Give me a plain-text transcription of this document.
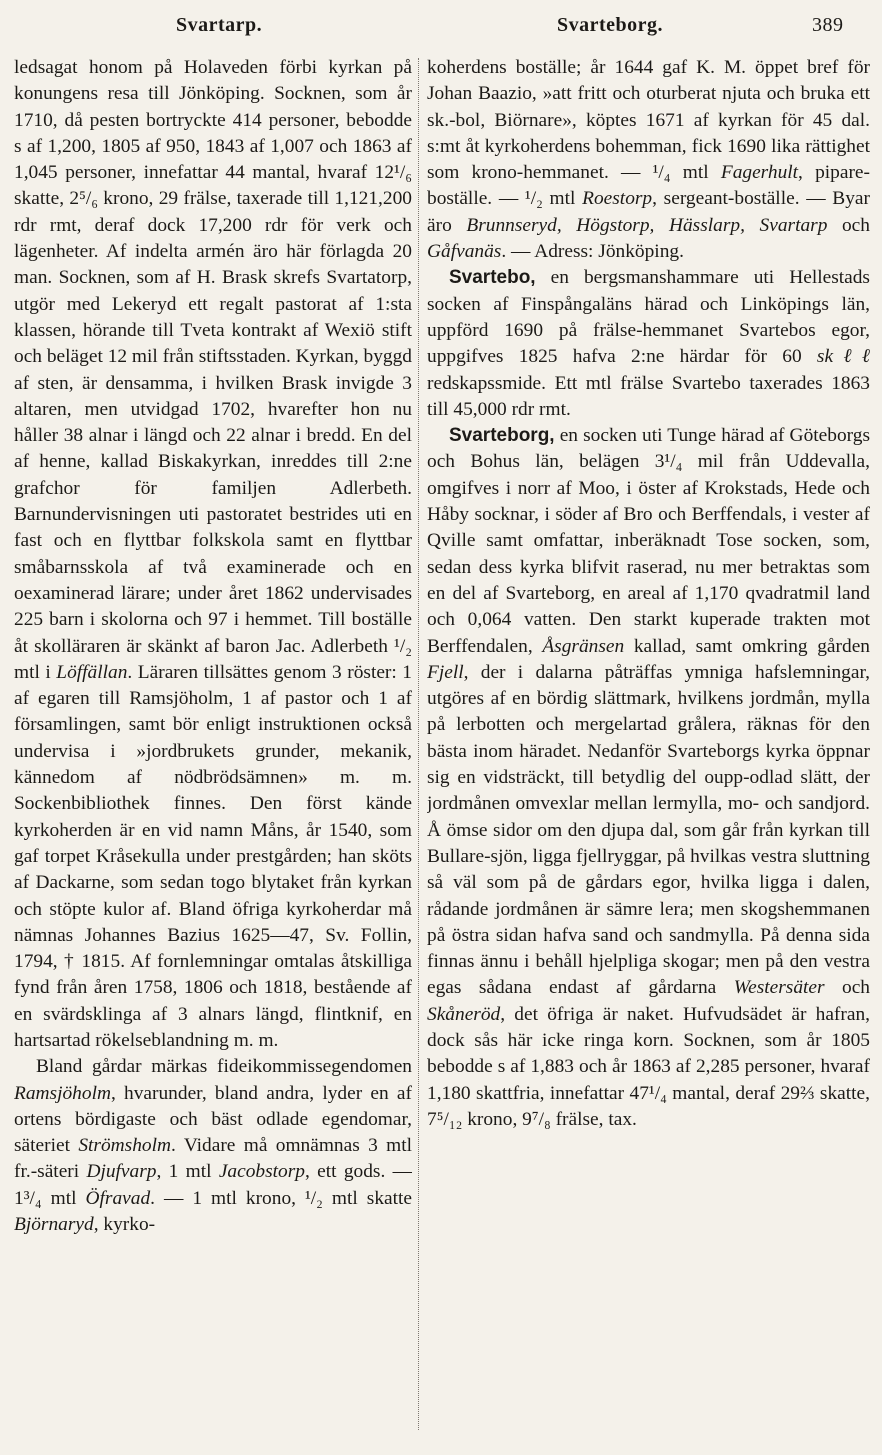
Svartarp.	Svarteborg.	389

ledsagat honom på Holaveden förbi kyrkan på konungens resa till Jönköping. Socknen, som år 1710, då pesten bortryckte 414 personer, bebodde s af 1,200, 1805 af 950, 1843 af 1,007 och 1863 af 1,045 personer, innefattar 44 mantal, hvaraf 12¹/₆ skatte, 2⁵/₆ krono, 29 frälse, taxerade till 1,121,200 rdr rmt, deraf dock 17,200 rdr för verk och lägenheter. Af indelta armén äro här förlagda 20 man. Socknen, som af H. Brask skrefs Svartatorp, utgör med Lekeryd ett regalt pastorat af 1:sta klassen, hörande till Tveta kontrakt af Wexiö stift och beläget 12 mil från stiftsstaden. Kyrkan, byggd af sten, är densamma, i hvilken Brask invigde 3 altaren, men utvidgad 1702, hvarefter hon nu håller 38 alnar i längd och 22 alnar i bredd. En del af henne, kallad Biskakyrkan, inreddes till 2:ne grafchor för familjen Adlerbeth. Barnundervisningen uti pastoratet bestrides uti en fast och en flyttbar folkskola samt en flyttbar småbarnsskola af två examinerade och en oexaminerad lärare; under året 1862 undervisades 225 barn i skolorna och 97 i hemmet. Till boställe åt skolläraren är skänkt af baron Jac. Adlerbeth ¹/₂ mtl i Löffällan. Läraren tillsättes genom 3 röster: 1 af egaren till Ramsjöholm, 1 af pastor och 1 af församlingen, samt bör enligt instruktionen också undervisa i »jordbrukets grunder, mekanik, kännedom af nödbrödsämnen» m. m. Sockenbibliothek finnes. Den först kände kyrkoherden är en vid namn Måns, år 1540, som gaf torpet Kråsekulla under prestgården; han sköts af Dackarne, som sedan togo blytaket från kyrkan och stöpte kulor af. Bland öfriga kyrkoherdar må nämnas Johannes Bazius 1625—47, Sv. Follin, 1794, † 1815. Af fornlemningar omtalas åtskilliga fynd från åren 1758, 1806 och 1818, bestående af en svärdsklinga af 3 alnars längd, flintknif, en hartsartad rökelseblandning m. m.

Bland gårdar märkas fideikommissegendomen Ramsjöholm, hvarunder, bland andra, lyder en af ortens bördigaste och bäst odlade egendomar, säteriet Strömsholm. Vidare må omnämnas 3 mtl fr.-säteri Djufvarp, 1 mtl Jacobstorp, ett gods. — 1³/₄ mtl Öfravad. — 1 mtl krono, ¹/₂ mtl skatte Björnaryd, kyrko-

koherdens boställe; år 1644 gaf K. M. öppet bref för Johan Baazio, »att fritt och oturberat njuta och bruka ett sk.-bol, Biörnare», köptes 1671 af kyrkan för 45 dal. s:mt åt kyrkoherdens bohemman, fick 1690 lika rättighet som krono-hemmanet. — ¹/₄ mtl Fagerhult, pipare-boställe. — ¹/₂ mtl Roestorp, sergeant-boställe. — Byar äro Brunnseryd, Högstorp, Hässlarp, Svartarp och Gåfvanäs. — Adress: Jönköping.

Svartebo, en bergsmanshammare uti Hellestads socken af Finspångaläns härad och Linköpings län, uppförd 1690 på frälse-hemmanet Svartebos egor, uppgifves 1825 hafva 2:ne härdar för 60 skℓℓ redskapssmide. Ett mtl frälse Svartebo taxerades 1863 till 45,000 rdr rmt.

Svarteborg, en socken uti Tunge härad af Göteborgs och Bohus län, belägen 3¹/₄ mil från Uddevalla, omgifves i norr af Moo, i öster af Krokstads, Hede och Håby socknar, i söder af Bro och Berffendals, i vester af Qville samt omfattar, inberäknadt Tose socken, som, sedan dess kyrka blifvit raserad, nu mer betraktas som en del af Svarteborg, en areal af 1,170 qvadratmil land och 0,064 vatten. Den starkt kuperade trakten mot Berffendalen, Åsgränsen kallad, samt omkring gården Fjell, der i dalarna påträffas ymniga hafslemningar, utgöres af en bördig slättmark, hvilkens jordmån, mylla på lerbotten och mergelartad grålera, räknas för den bästa inom häradet. Nedanför Svarteborgs kyrka öppnar sig en vidsträckt, till betydlig del oupp-odlad slätt, der jordmånen omvexlar mellan lermylla, mo- och sandjord. Å ömse sidor om den djupa dal, som går från kyrkan till Bullare-sjön, ligga fjellryggar, på hvilkas vestra sluttning så väl som på de gårdars egor, hvilka ligga i dalen, rådande jordmånen är sämre lera; men skogshemmanen på östra sidan hafva sand och sandmylla. På denna sida finnas ännu i behåll hjelpliga skogar; men på den vestra egas sådana endast af gårdarna Westersäter och Skåneröd, det öfriga är naket. Hufvudsädet är hafran, dock sås här icke ringa korn. Socknen, som år 1805 bebodde s af 1,883 och år 1863 af 2,285 personer, hvaraf 1,180 skattfria, innefattar 47¹/₄ mantal, deraf 29⅔ skatte, 7⁵/₁₂ krono, 9⁷/₈ frälse, tax.
